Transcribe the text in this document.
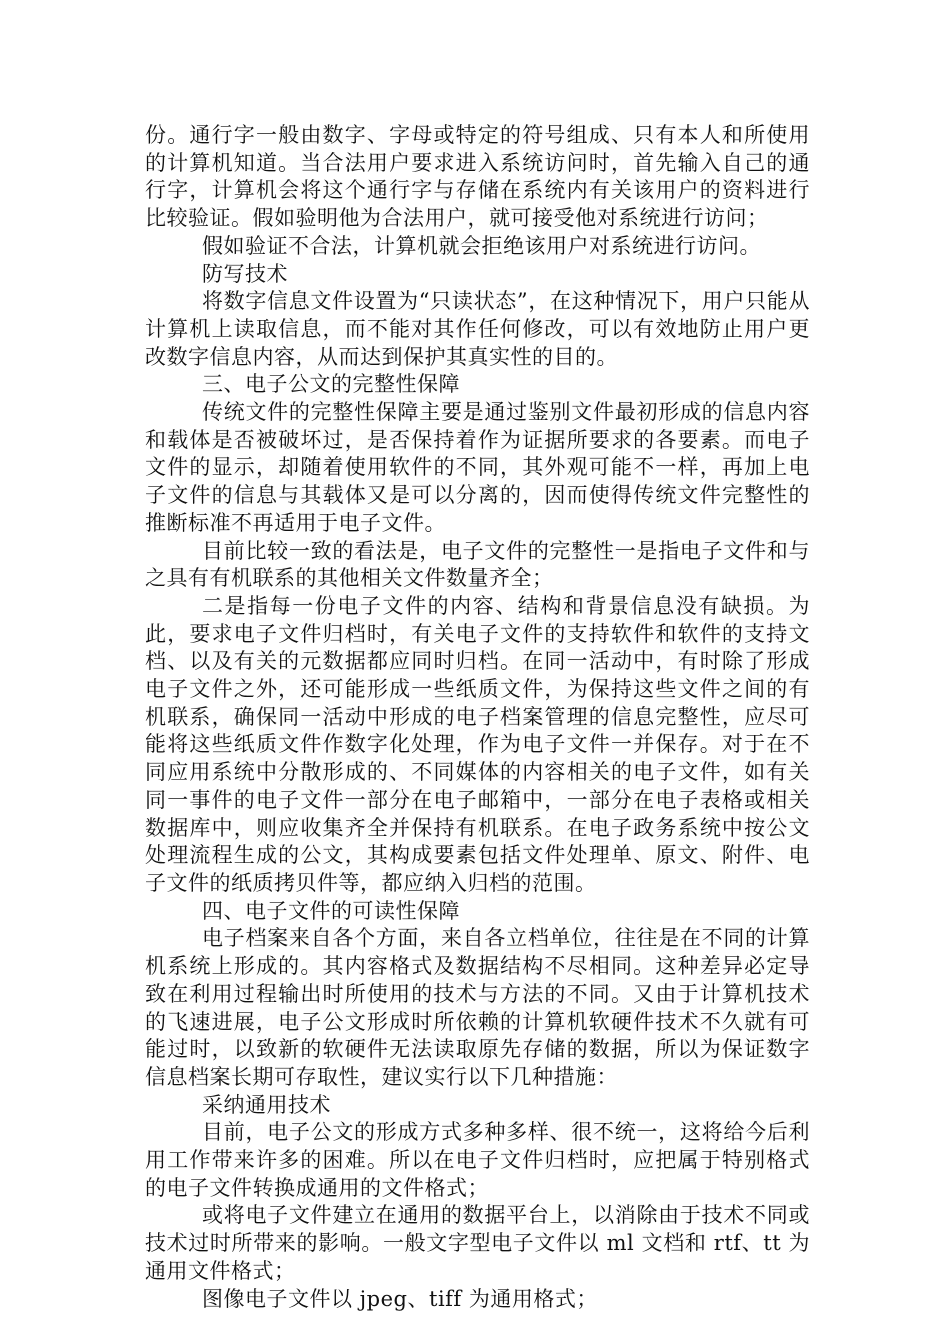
份。通行字一般由数字、字母或特定的符号组成、只有本人和所使用的计算机知道。当合法用户要求进入系统访问时，首先输入自己的通行字，计算机会将这个通行字与存储在系统内有关该用户的资料进行比较验证。假如验明他为合法用户，就可接受他对系统进行访问；

假如验证不合法，计算机就会拒绝该用户对系统进行访问。

防写技术

将数字信息文件设置为“只读状态”，在这种情况下，用户只能从计算机上读取信息，而不能对其作任何修改，可以有效地防止用户更改数字信息内容，从而达到保护其真实性的目的。

三、电子公文的完整性保障

传统文件的完整性保障主要是通过鉴别文件最初形成的信息内容和载体是否被破坏过，是否保持着作为证据所要求的各要素。而电子文件的显示，却随着使用软件的不同，其外观可能不一样，再加上电子文件的信息与其载体又是可以分离的，因而使得传统文件完整性的推断标准不再适用于电子文件。

目前比较一致的看法是，电子文件的完整性一是指电子文件和与之具有有机联系的其他相关文件数量齐全；

二是指每一份电子文件的内容、结构和背景信息没有缺损。为此，要求电子文件归档时，有关电子文件的支持软件和软件的支持文档、以及有关的元数据都应同时归档。在同一活动中，有时除了形成电子文件之外，还可能形成一些纸质文件，为保持这些文件之间的有机联系，确保同一活动中形成的电子档案管理的信息完整性，应尽可能将这些纸质文件作数字化处理，作为电子文件一并保存。对于在不同应用系统中分散形成的、不同媒体的内容相关的电子文件，如有关同一事件的电子文件一部分在电子邮箱中，一部分在电子表格或相关数据库中，则应收集齐全并保持有机联系。在电子政务系统中按公文处理流程生成的公文，其构成要素包括文件处理单、原文、附件、电子文件的纸质拷贝件等，都应纳入归档的范围。

四、电子文件的可读性保障

电子档案来自各个方面，来自各立档单位，往往是在不同的计算机系统上形成的。其内容格式及数据结构不尽相同。这种差异必定导致在利用过程输出时所使用的技术与方法的不同。又由于计算机技术的飞速进展，电子公文形成时所依赖的计算机软硬件技术不久就有可能过时，以致新的软硬件无法读取原先存储的数据，所以为保证数字信息档案长期可存取性，建议实行以下几种措施：

采纳通用技术

目前，电子公文的形成方式多种多样、很不统一，这将给今后利用工作带来许多的困难。所以在电子文件归档时，应把属于特别格式的电子文件转换成通用的文件格式；

或将电子文件建立在通用的数据平台上，以消除由于技术不同或技术过时所带来的影响。一般文字型电子文件以 ml 文档和 rtf、tt 为通用文件格式；

图像电子文件以 jpeg、tiff 为通用格式；
